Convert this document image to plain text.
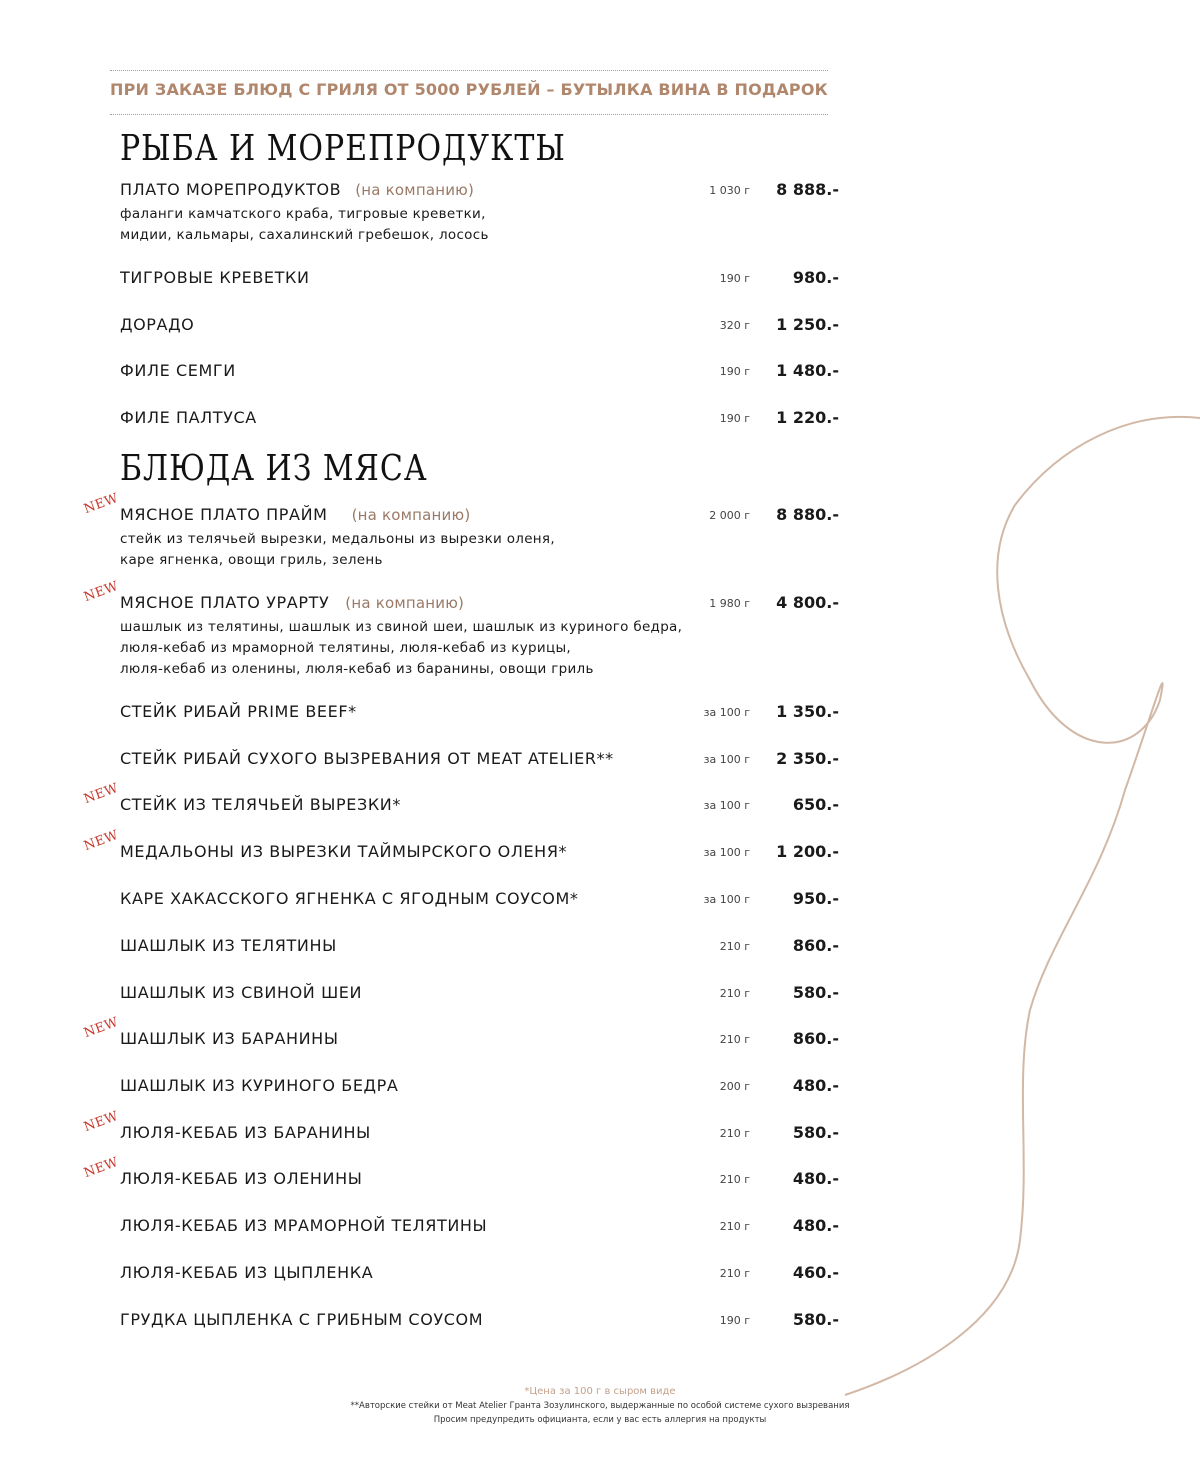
ПРИ ЗАКАЗЕ БЛЮД С ГРИЛЯ ОТ 5000 РУБЛЕЙ – БУТЫЛКА ВИНА В ПОДАРОК
РЫБА И МОРЕПРОДУКТЫ
ПЛАТО МОРЕПРОДУКТОВ (на компанию)
фаланги камчатского краба, тигровые креветки,
мидии, кальмары, сахалинский гребешок, лосось
1 030 г 8 888.-
ТИГРОВЫЕ КРЕВЕТКИ	190 г	980.-
ДОРАДО	320 г 1 250.-
ФИЛЕ СЕМГИ	190 г 1 480.-
ФИЛЕ ПАЛТУСА	190 г 1 220.-
БЛЮДА ИЗ МЯСА
NEW МЯСНОЕ ПЛАТО ПРАЙМ (на компанию)
стейк из телячьей вырезки, медальоны из вырезки оленя,
каре ягненка, овощи гриль, зелень
2 000 г 8 880.-
NEW МЯСНОЕ ПЛАТО УРАРТУ (на компанию)
шашлык из телятины, шашлык из свиной шеи, шашлык из куриного бедра,
люля-кебаб из мраморной телятины, люля-кебаб из курицы,
люля-кебаб из оленины, люля-кебаб из баранины, овощи гриль
1 980 г 4 800.-
СТЕЙК РИБАЙ PRIME BEEF*	за 100 г 1 350.-
СТЕЙК РИБАЙ СУХОГО ВЫЗРЕВАНИЯ ОТ MEAT ATELIER**	за 100 г 2 350.-
NEW СТЕЙК ИЗ ТЕЛЯЧЬЕЙ ВЫРЕЗКИ*	за 100 г	650.-
NEW МЕДАЛЬОНЫ ИЗ ВЫРЕЗКИ ТАЙМЫРСКОГО ОЛЕНЯ*	за 100 г 1 200.-
КАРЕ ХАКАССКОГО ЯГНЕНКА С ЯГОДНЫМ СОУСОМ*	за 100 г	950.-
ШАШЛЫК ИЗ ТЕЛЯТИНЫ	210 г	860.-
ШАШЛЫК ИЗ СВИНОЙ ШЕИ	210 г	580.-
NEW ШАШЛЫК ИЗ БАРАНИНЫ	210 г	860.-
ШАШЛЫК ИЗ КУРИНОГО БЕДРА	200 г	480.-
NEW ЛЮЛЯ-КЕБАБ ИЗ БАРАНИНЫ	210 г	580.-
NEW ЛЮЛЯ-КЕБАБ ИЗ ОЛЕНИНЫ	210 г	480.-
ЛЮЛЯ-КЕБАБ ИЗ МРАМОРНОЙ ТЕЛЯТИНЫ	210 г	480.-
ЛЮЛЯ-КЕБАБ ИЗ ЦЫПЛЕНКА	210 г	460.-
ГРУДКА ЦЫПЛЕНКА С ГРИБНЫМ СОУСОМ	190 г	580.-
*Цена за 100 г в сыром виде
**Авторские стейки от Meat Atelier Гранта Зозулинского, выдержанные по особой системе сухого вызревания
Просим предупредить официанта, если у вас есть аллергия на продукты
